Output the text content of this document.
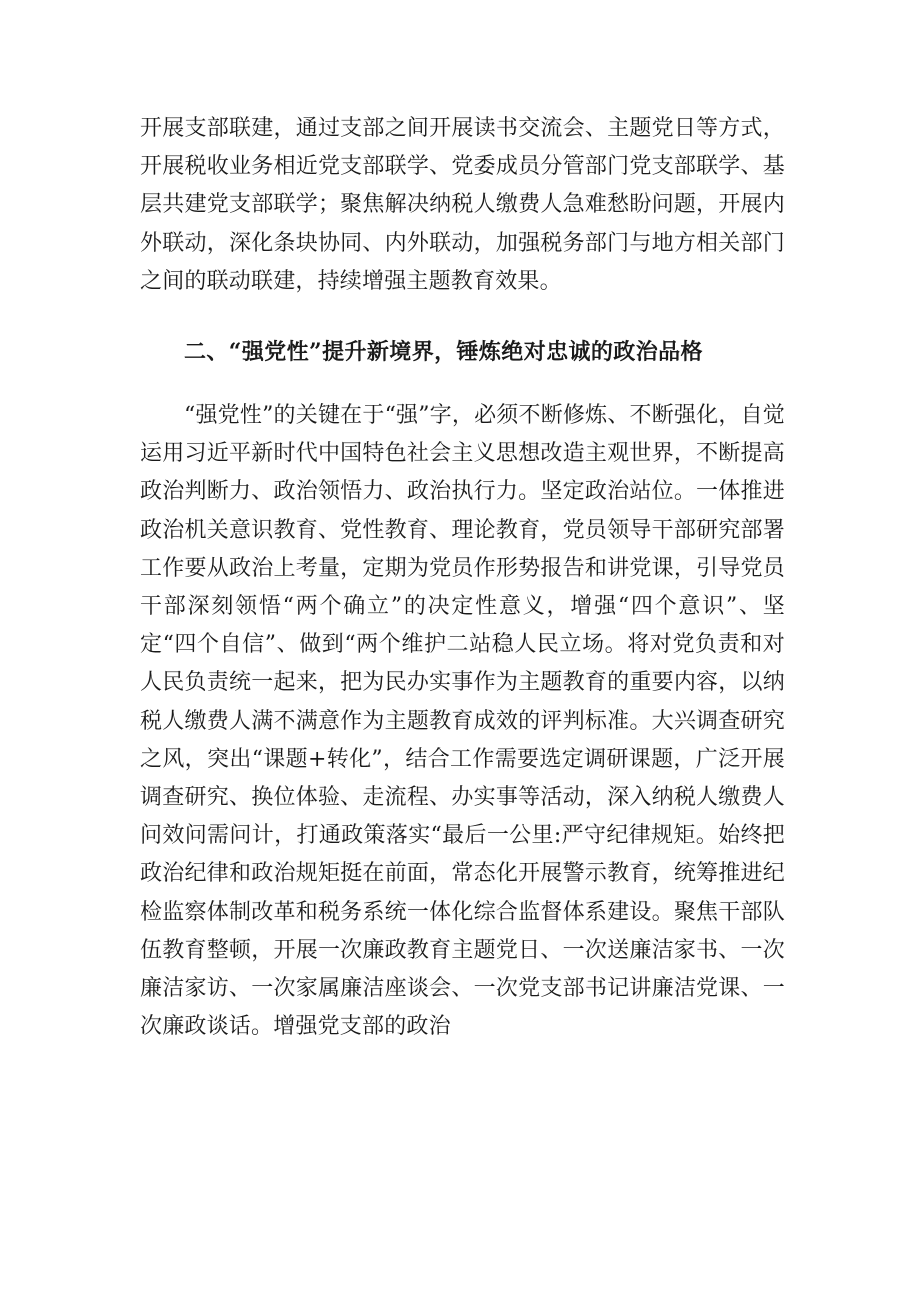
开展支部联建，通过支部之间开展读书交流会、主题党日等方式，开展税收业务相近党支部联学、党委成员分管部门党支部联学、基层共建党支部联学；聚焦解决纳税人缴费人急难愁盼问题，开展内外联动，深化条块协同、内外联动，加强税务部门与地方相关部门之间的联动联建，持续增强主题教育效果。

二、“强党性”提升新境界，锤炼绝对忠诚的政治品格

“强党性”的关键在于“强”字，必须不断修炼、不断强化，自觉运用习近平新时代中国特色社会主义思想改造主观世界，不断提高政治判断力、政治领悟力、政治执行力。坚定政治站位。一体推进政治机关意识教育、党性教育、理论教育，党员领导干部研究部署工作要从政治上考量，定期为党员作形势报告和讲党课，引导党员干部深刻领悟“两个确立”的决定性意义，增强“四个意识”、坚定“四个自信”、做到“两个维护二站稳人民立场。将对党负责和对人民负责统一起来，把为民办实事作为主题教育的重要内容，以纳税人缴费人满不满意作为主题教育成效的评判标准。大兴调查研究之风，突出“课题+转化”，结合工作需要选定调研课题，广泛开展调查研究、换位体验、走流程、办实事等活动，深入纳税人缴费人问效问需问计，打通政策落实“最后一公里:严守纪律规矩。始终把政治纪律和政治规矩挺在前面，常态化开展警示教育，统筹推进纪检监察体制改革和税务系统一体化综合监督体系建设。聚焦干部队伍教育整顿，开展一次廉政教育主题党日、一次送廉洁家书、一次廉洁家访、一次家属廉洁座谈会、一次党支部书记讲廉洁党课、一次廉政谈话。增强党支部的政治
